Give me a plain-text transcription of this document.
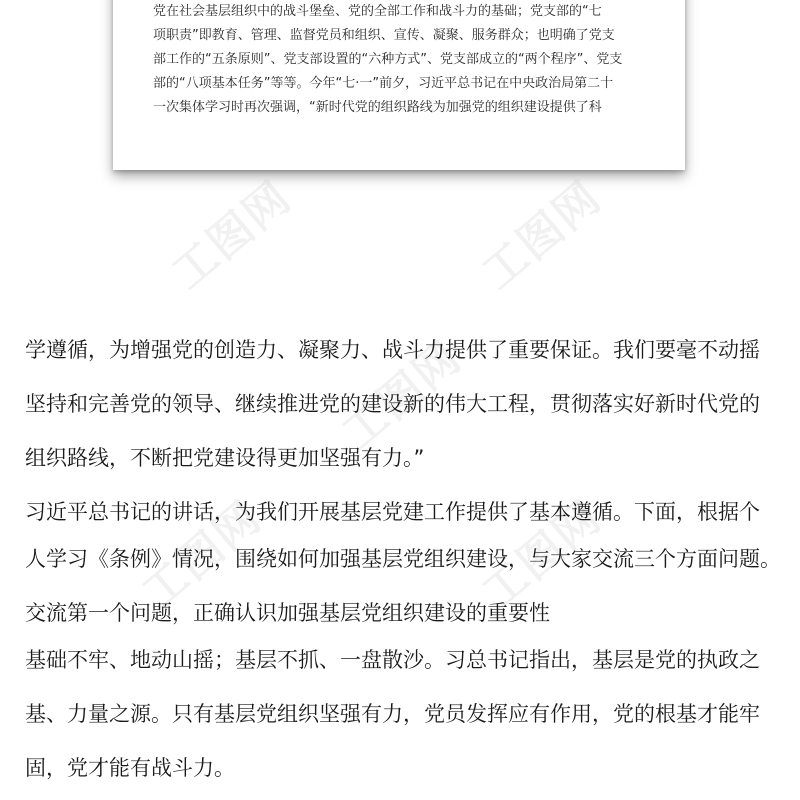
党在社会基层组织中的战斗堡垒、党的全部工作和战斗力的基础；党支部的“七
项职责”即教育、管理、监督党员和组织、宣传、凝聚、服务群众；也明确了党支
部工作的“五条原则”、党支部设置的“六种方式”、党支部成立的“两个程序”、党支
部的“八项基本任务”等等。今年“七·一”前夕，习近平总书记在中央政治局第二十
一次集体学习时再次强调，“新时代党的组织路线为加强党的组织建设提供了科
工图网	工图网
工图网
工图网	工图网
学遵循，为增强党的创造力、凝聚力、战斗力提供了重要保证。我们要毫不动摇
坚持和完善党的领导、继续推进党的建设新的伟大工程，贯彻落实好新时代党的
组织路线，不断把党建设得更加坚强有力。”
习近平总书记的讲话，为我们开展基层党建工作提供了基本遵循。下面，根据个
人学习《条例》情况，围绕如何加强基层党组织建设，与大家交流三个方面问题。
交流第一个问题，正确认识加强基层党组织建设的重要性
基础不牢、地动山摇；基层不抓、一盘散沙。习总书记指出，基层是党的执政之
基、力量之源。只有基层党组织坚强有力，党员发挥应有作用，党的根基才能牢
固，党才能有战斗力。
